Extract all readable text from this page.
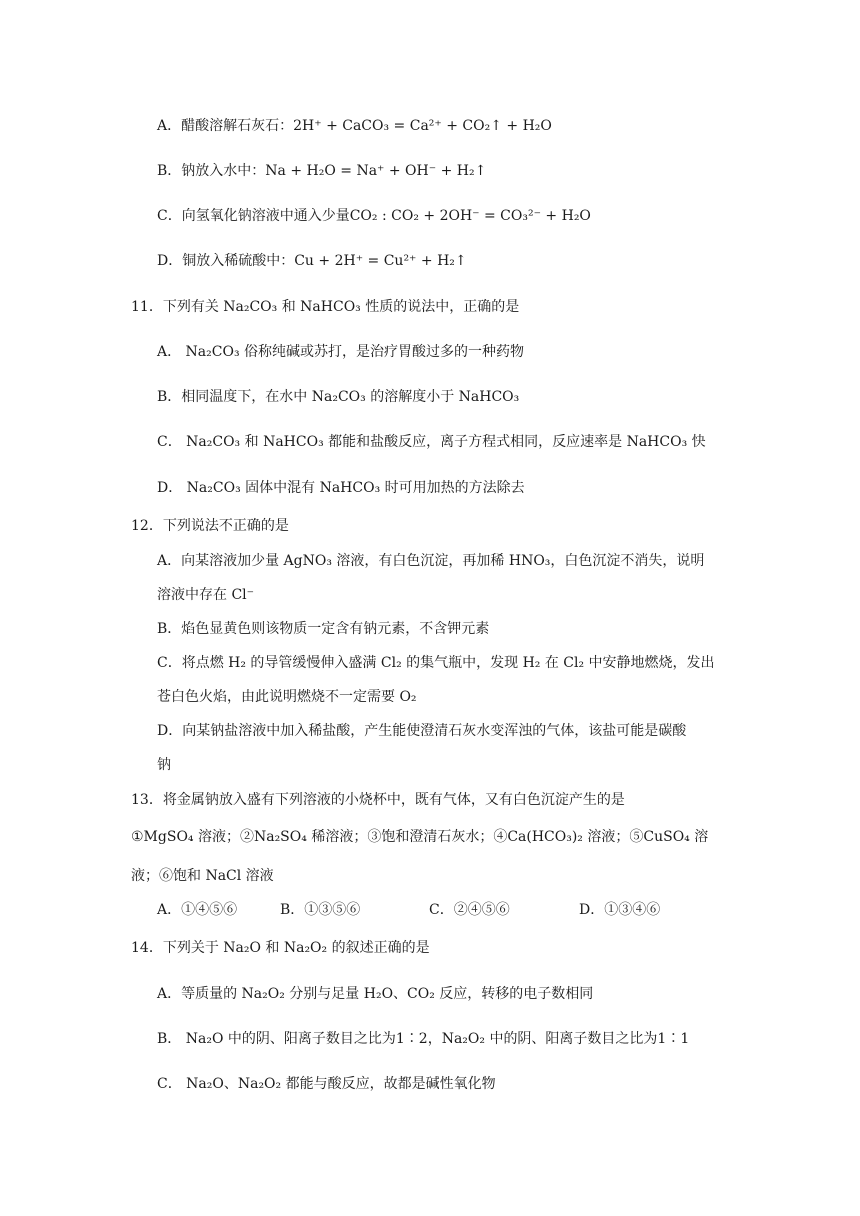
A．醋酸溶解石灰石：2H⁺ + CaCO₃ = Ca²⁺ + CO₂↑ + H₂O
B．钠放入水中：Na + H₂O = Na⁺ + OH⁻ + H₂↑
C．向氢氧化钠溶液中通入少量CO₂ : CO₂ + 2OH⁻ = CO₃²⁻ + H₂O
D．铜放入稀硫酸中：Cu + 2H⁺ = Cu²⁺ + H₂↑
11．下列有关 Na₂CO₃ 和 NaHCO₃ 性质的说法中，正确的是
A． Na₂CO₃ 俗称纯碱或苏打，是治疗胃酸过多的一种药物
B．相同温度下，在水中 Na₂CO₃ 的溶解度小于 NaHCO₃
C． Na₂CO₃ 和 NaHCO₃ 都能和盐酸反应，离子方程式相同，反应速率是 NaHCO₃ 快
D． Na₂CO₃ 固体中混有 NaHCO₃ 时可用加热的方法除去
12．下列说法不正确的是
A．向某溶液加少量 AgNO₃ 溶液，有白色沉淀，再加稀 HNO₃，白色沉淀不消失，说明
溶液中存在 Cl⁻
B．焰色显黄色则该物质一定含有钠元素，不含钾元素
C．将点燃 H₂ 的导管缓慢伸入盛满 Cl₂ 的集气瓶中，发现 H₂ 在 Cl₂ 中安静地燃烧，发出
苍白色火焰，由此说明燃烧不一定需要 O₂
D．向某钠盐溶液中加入稀盐酸，产生能使澄清石灰水变浑浊的气体，该盐可能是碳酸
钠
13．将金属钠放入盛有下列溶液的小烧杯中，既有气体，又有白色沉淀产生的是
①MgSO₄ 溶液；②Na₂SO₄ 稀溶液；③饱和澄清石灰水；④Ca(HCO₃)₂ 溶液；⑤CuSO₄ 溶
液；⑥饱和 NaCl 溶液
A．①④⑤⑥	B．①③⑤⑥	C．②④⑤⑥	D．①③④⑥
14．下列关于 Na₂O 和 Na₂O₂ 的叙述正确的是
A．等质量的 Na₂O₂ 分别与足量 H₂O、CO₂ 反应，转移的电子数相同
B． Na₂O 中的阴、阳离子数目之比为1∶2，Na₂O₂ 中的阴、阳离子数目之比为1∶1
C． Na₂O、Na₂O₂ 都能与酸反应，故都是碱性氧化物
